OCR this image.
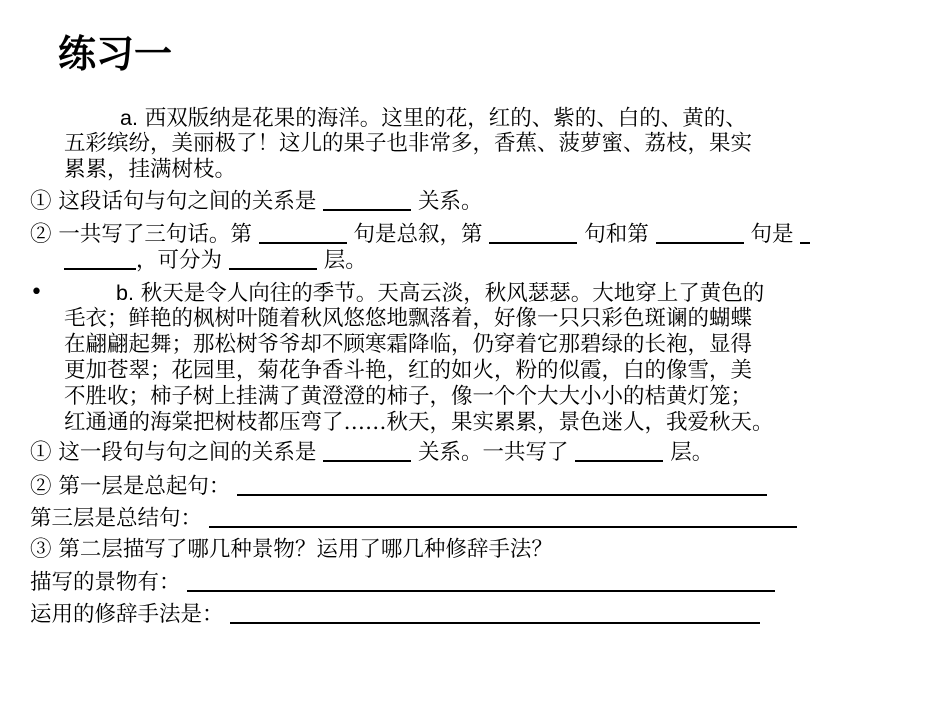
练习一
a. 西双版纳是花果的海洋。这里的花，红的、紫的、白的、黄的、
五彩缤纷，美丽极了！这儿的果子也非常多，香蕉、菠萝蜜、荔枝，果实
累累，挂满树枝。
① 这段话句与句之间的关系是	关系。
② 一共写了三句话。第	句是总叙，第	句和第	句是
，可分为	层。
•	b. 秋天是令人向往的季节。天高云淡，秋风瑟瑟。大地穿上了黄色的
毛衣；鲜艳的枫树叶随着秋风悠悠地飘落着，好像一只只彩色斑谰的蝴蝶
在翩翩起舞；那松树爷爷却不顾寒霜降临，仍穿着它那碧绿的长袍，显得
更加苍翠；花园里，菊花争香斗艳，红的如火，粉的似霞，白的像雪，美
不胜收；柿子树上挂满了黄澄澄的柿子，像一个个大大小小的桔黄灯笼；
红通通的海棠把树枝都压弯了……秋天，果实累累，景色迷人，我爱秋天。
① 这一段句与句之间的关系是	关系。一共写了	层。
② 第一层是总起句：
第三层是总结句：
③ 第二层描写了哪几种景物？运用了哪几种修辞手法？
描写的景物有：
运用的修辞手法是：
